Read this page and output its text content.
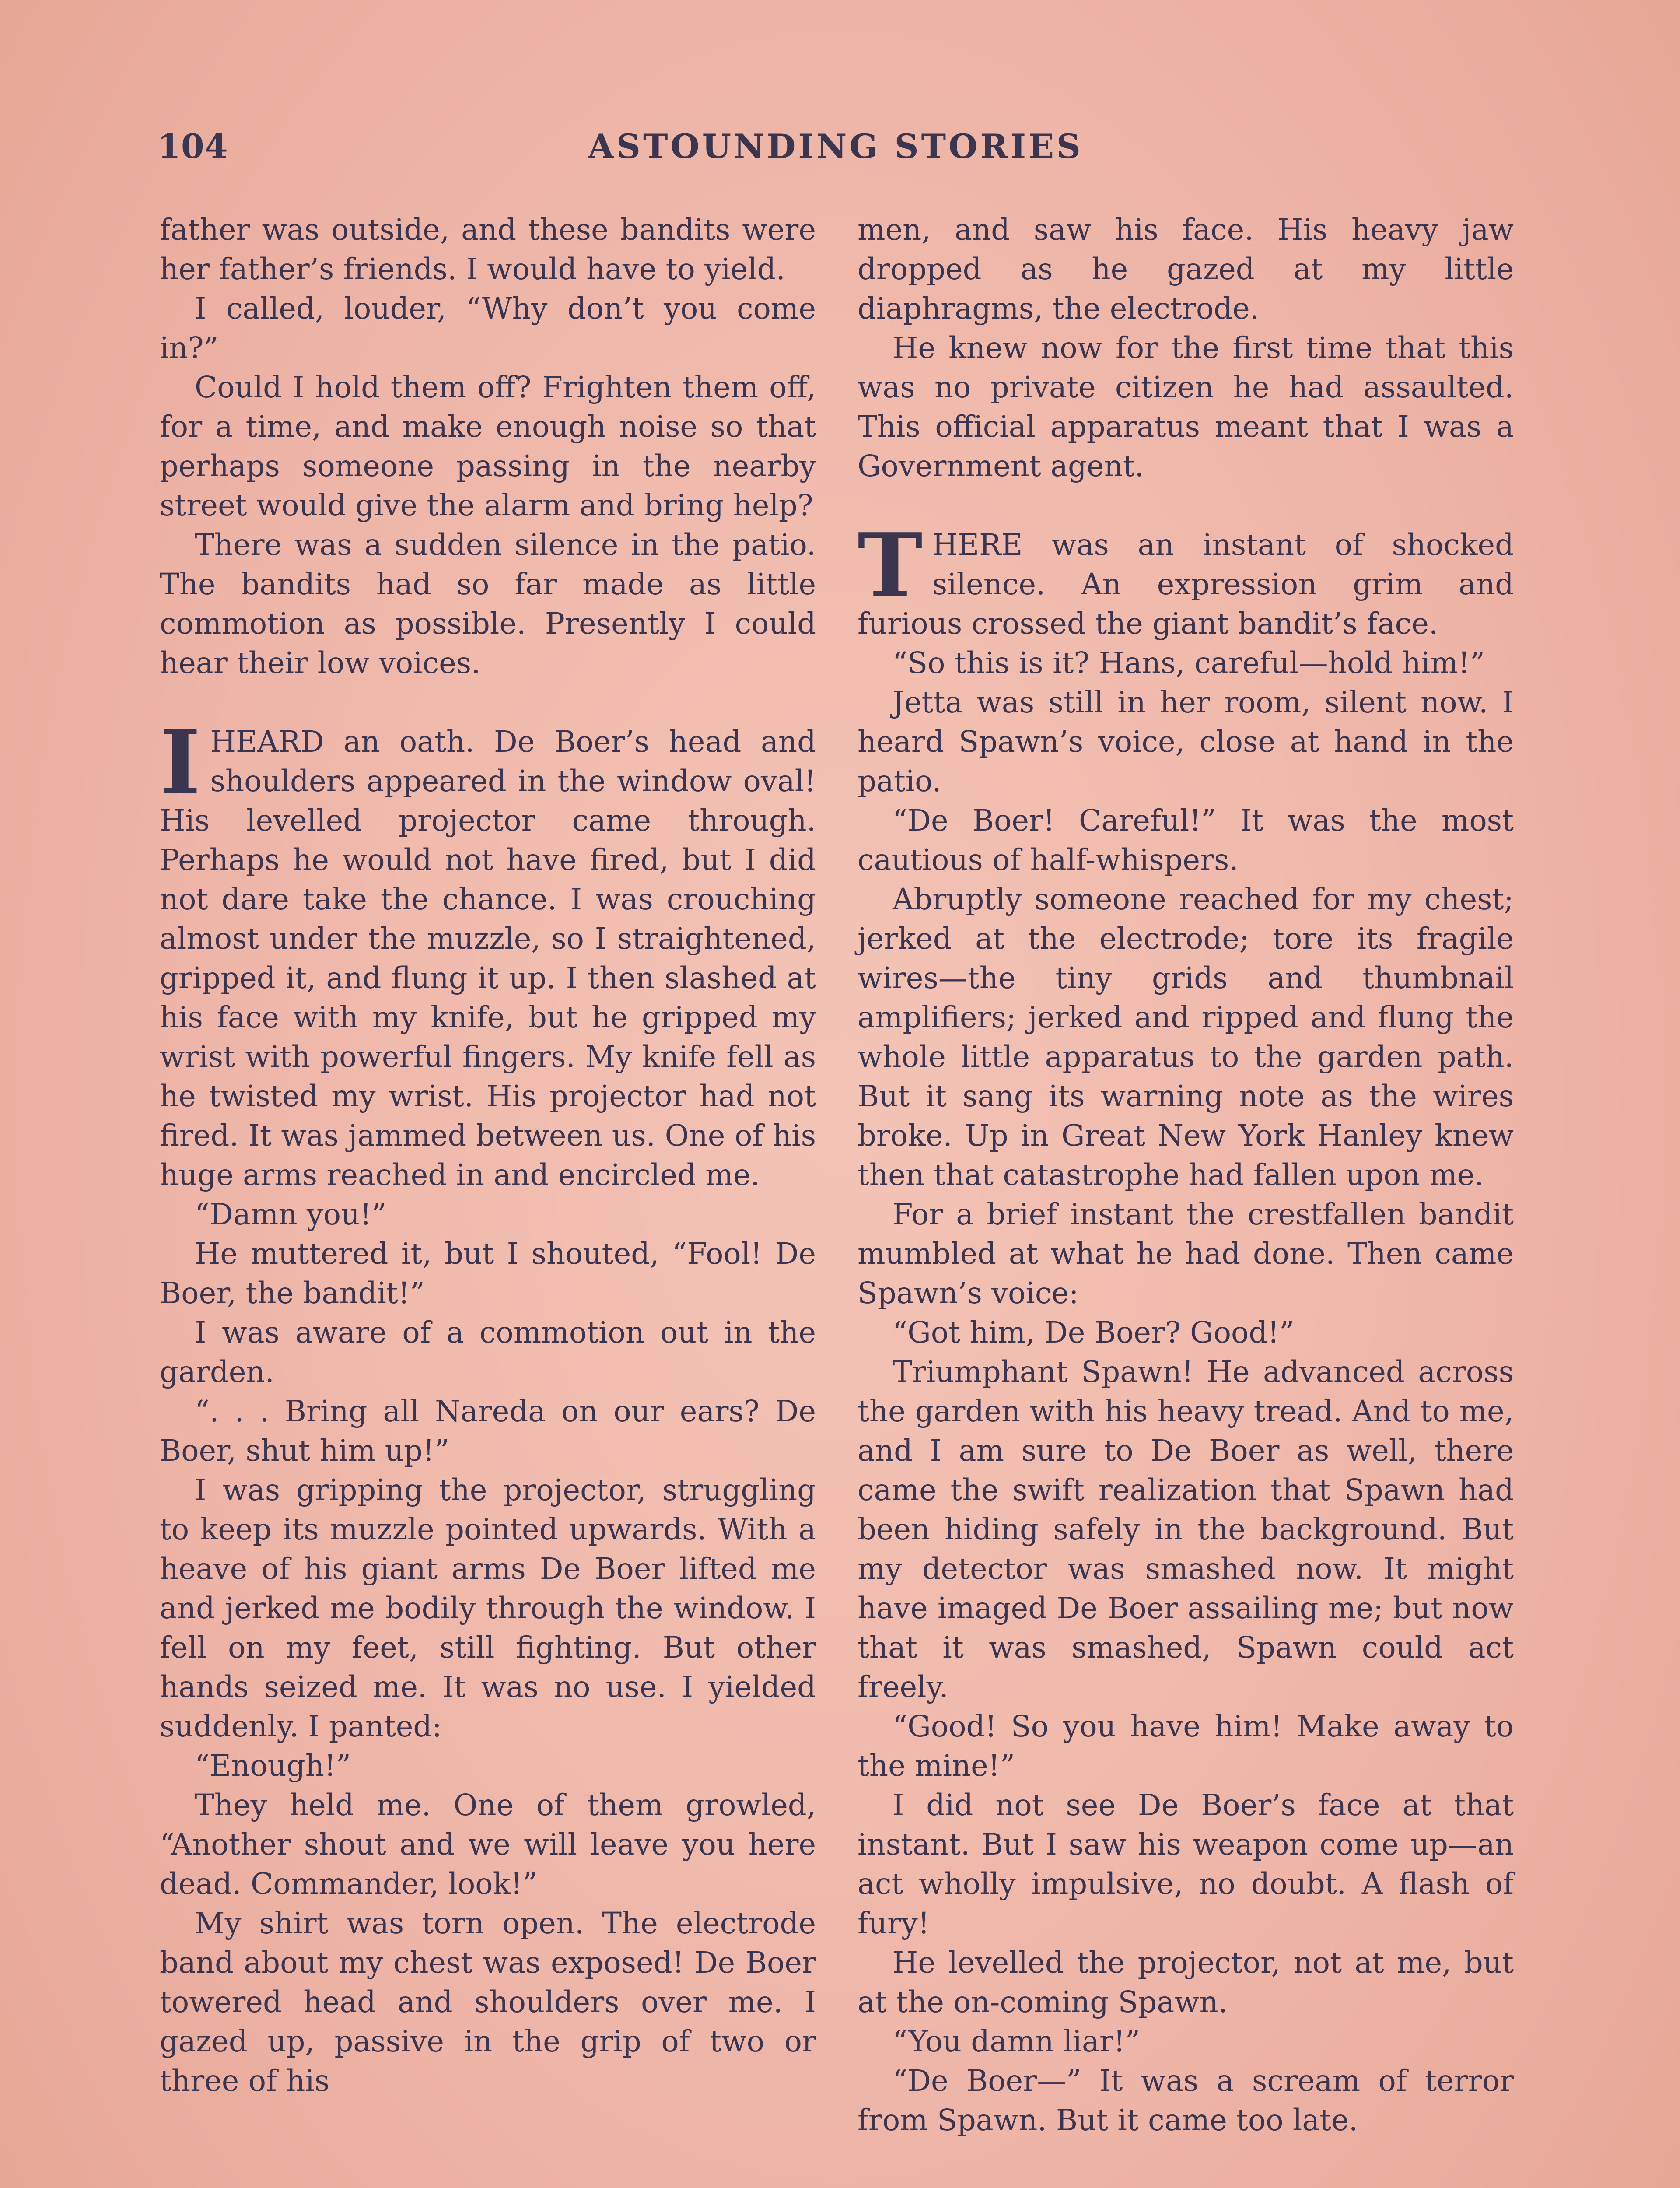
104	ASTOUNDING STORIES

father was outside, and these bandits were her father’s friends. I would have to yield.

I called, louder, “Why don’t you come in?”

Could I hold them off? Frighten them off, for a time, and make enough noise so that perhaps someone passing in the nearby street would give the alarm and bring help?

There was a sudden silence in the patio. The bandits had so far made as little commotion as possible. Presently I could hear their low voices.

IHEARD an oath. De Boer’s head and shoulders appeared in the window oval! His levelled projector came through. Perhaps he would not have fired, but I did not dare take the chance. I was crouching almost under the muzzle, so I straightened, gripped it, and flung it up. I then slashed at his face with my knife, but he gripped my wrist with powerful fingers. My knife fell as he twisted my wrist. His projector had not fired. It was jammed between us. One of his huge arms reached in and encircled me.

“Damn you!”

He muttered it, but I shouted, “Fool! De Boer, the bandit!”

I was aware of a commotion out in the garden.

“. . . Bring all Nareda on our ears? De Boer, shut him up!”

I was gripping the projector, struggling to keep its muzzle pointed upwards. With a heave of his giant arms De Boer lifted me and jerked me bodily through the window. I fell on my feet, still fighting. But other hands seized me. It was no use. I yielded suddenly. I panted:

“Enough!”

They held me. One of them growled, “Another shout and we will leave you here dead. Commander, look!”

My shirt was torn open. The electrode band about my chest was exposed! De Boer towered head and shoulders over me. I gazed up, passive in the grip of two or three of his

men, and saw his face. His heavy jaw dropped as he gazed at my little diaphragms, the electrode.

He knew now for the first time that this was no private citizen he had assaulted. This official apparatus meant that I was a Government agent.

THERE was an instant of shocked silence. An expression grim and furious crossed the giant bandit’s face.

“So this is it? Hans, careful—hold him!”

Jetta was still in her room, silent now. I heard Spawn’s voice, close at hand in the patio.

“De Boer! Careful!” It was the most cautious of half-whispers.

Abruptly someone reached for my chest; jerked at the electrode; tore its fragile wires—the tiny grids and thumbnail amplifiers; jerked and ripped and flung the whole little apparatus to the garden path. But it sang its warning note as the wires broke. Up in Great New York Hanley knew then that catastrophe had fallen upon me.

For a brief instant the crestfallen bandit mumbled at what he had done. Then came Spawn’s voice:

“Got him, De Boer? Good!”

Triumphant Spawn! He advanced across the garden with his heavy tread. And to me, and I am sure to De Boer as well, there came the swift realization that Spawn had been hiding safely in the background. But my detector was smashed now. It might have imaged De Boer assailing me; but now that it was smashed, Spawn could act freely.

“Good! So you have him! Make away to the mine!”

I did not see De Boer’s face at that instant. But I saw his weapon come up—an act wholly impulsive, no doubt. A flash of fury!

He levelled the projector, not at me, but at the on-coming Spawn.

“You damn liar!”

“De Boer—” It was a scream of terror from Spawn. But it came too late.
